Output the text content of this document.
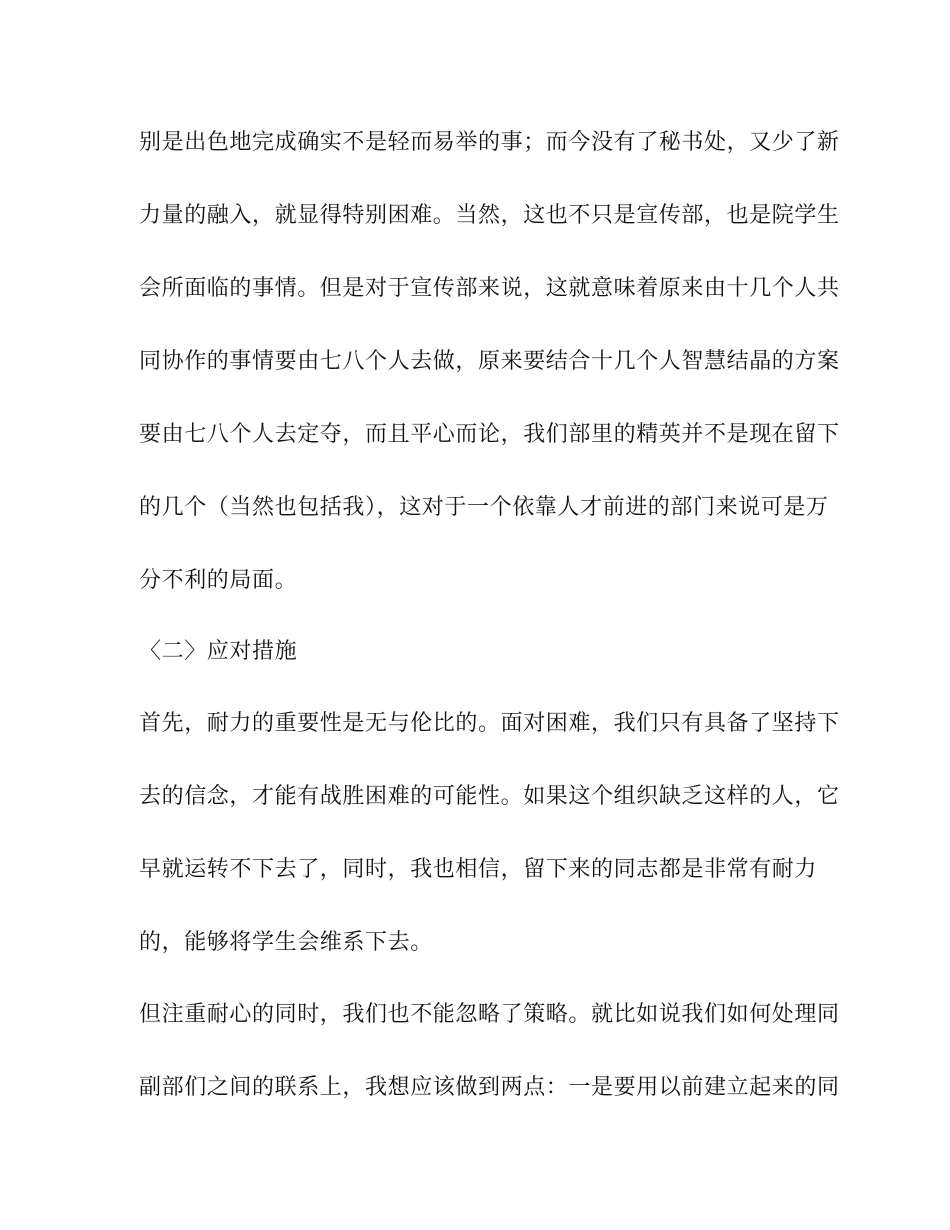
别是出色地完成确实不是轻而易举的事；而今没有了秘书处，又少了新

力量的融入，就显得特别困难。当然，这也不只是宣传部，也是院学生

会所面临的事情。但是对于宣传部来说，这就意味着原来由十几个人共

同协作的事情要由七八个人去做，原来要结合十几个人智慧结晶的方案

要由七八个人去定夺，而且平心而论，我们部里的精英并不是现在留下

的几个（当然也包括我），这对于一个依靠人才前进的部门来说可是万

分不利的局面。

〈二〉应对措施

首先，耐力的重要性是无与伦比的。面对困难，我们只有具备了坚持下

去的信念，才能有战胜困难的可能性。如果这个组织缺乏这样的人，它

早就运转不下去了，同时，我也相信，留下来的同志都是非常有耐力

的，能够将学生会维系下去。

但注重耐心的同时，我们也不能忽略了策略。就比如说我们如何处理同

副部们之间的联系上，我想应该做到两点：一是要用以前建立起来的同
